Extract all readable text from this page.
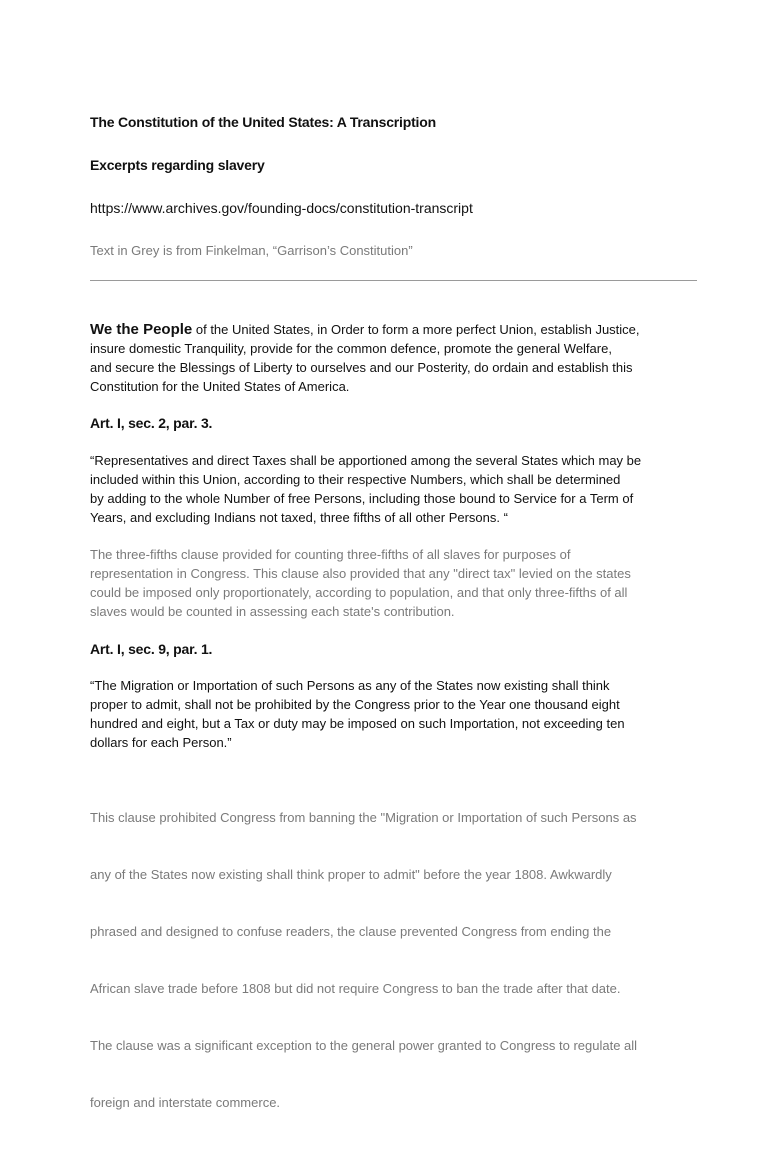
The Constitution of the United States: A Transcription

Excerpts regarding slavery

https://www.archives.gov/founding-docs/constitution-transcript

Text in Grey is from Finkelman, “Garrison’s Constitution”

We the People of the United States, in Order to form a more perfect Union, establish Justice,
insure domestic Tranquility, provide for the common defence, promote the general Welfare,
and secure the Blessings of Liberty to ourselves and our Posterity, do ordain and establish this
Constitution for the United States of America.

Art. I, sec. 2, par. 3.

“Representatives and direct Taxes shall be apportioned among the several States which may be
included within this Union, according to their respective Numbers, which shall be determined
by adding to the whole Number of free Persons, including those bound to Service for a Term of
Years, and excluding Indians not taxed, three fifths of all other Persons. “

The three-fifths clause provided for counting three-fifths of all slaves for purposes of
representation in Congress. This clause also provided that any "direct tax" levied on the states
could be imposed only proportionately, according to population, and that only three-fifths of all
slaves would be counted in assessing each state's contribution.

Art. I, sec. 9, par. 1.

“The Migration or Importation of such Persons as any of the States now existing shall think
proper to admit, shall not be prohibited by the Congress prior to the Year one thousand eight
hundred and eight, but a Tax or duty may be imposed on such Importation, not exceeding ten
dollars for each Person.”

This clause prohibited Congress from banning the "Migration or Importation of such Persons as

any of the States now existing shall think proper to admit" before the year 1808. Awkwardly

phrased and designed to confuse readers, the clause prevented Congress from ending the

African slave trade before 1808 but did not require Congress to ban the trade after that date.

The clause was a significant exception to the general power granted to Congress to regulate all

foreign and interstate commerce.
